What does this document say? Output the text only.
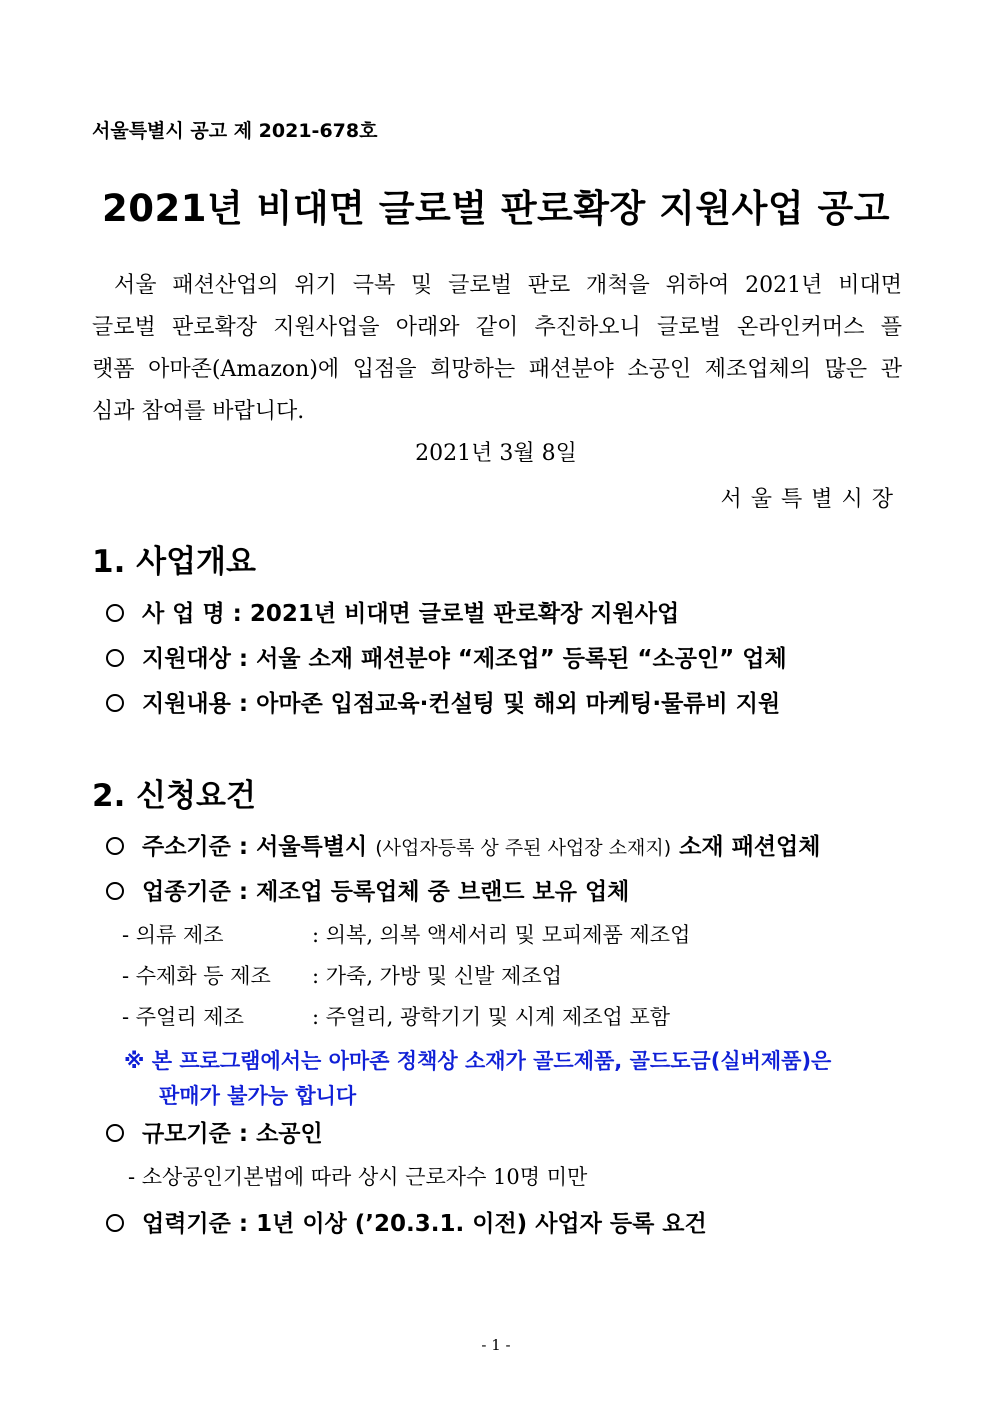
서울특별시 공고 제 2021-678호
2021년 비대면 글로벌 판로확장 지원사업 공고
서울 패션산업의 위기 극복 및 글로벌 판로 개척을 위하여 2021년 비대면
글로벌 판로확장 지원사업을 아래와 같이 추진하오니 글로벌 온라인커머스 플
랫폼 아마존(Amazon)에 입점을 희망하는 패션분야 소공인 제조업체의 많은 관
심과 참여를 바랍니다.
2021년 3월 8일
서울특별시장
1. 사업개요
사 업 명 : 2021년 비대면 글로벌 판로확장 지원사업
지원대상 : 서울 소재 패션분야 “제조업” 등록된 “소공인” 업체
지원내용 : 아마존 입점교육·컨설팅 및 해외 마케팅·물류비 지원
2. 신청요건
주소기준 : 서울특별시 (사업자등록 상 주된 사업장 소재지) 소재 패션업체
업종기준 : 제조업 등록업체 중 브랜드 보유 업체
- 의류 제조	: 의복, 의복 액세서리 및 모피제품 제조업
- 수제화 등 제조 : 가죽, 가방 및 신발 제조업
- 주얼리 제조	: 주얼리, 광학기기 및 시계 제조업 포함
※ 본 프로그램에서는 아마존 정책상 소재가 골드제품, 골드도금(실버제품)은
판매가 불가능 합니다
규모기준 : 소공인
- 소상공인기본법에 따라 상시 근로자수 10명 미만
업력기준 : 1년 이상 (’20.3.1. 이전) 사업자 등록 요건
- 1 -
